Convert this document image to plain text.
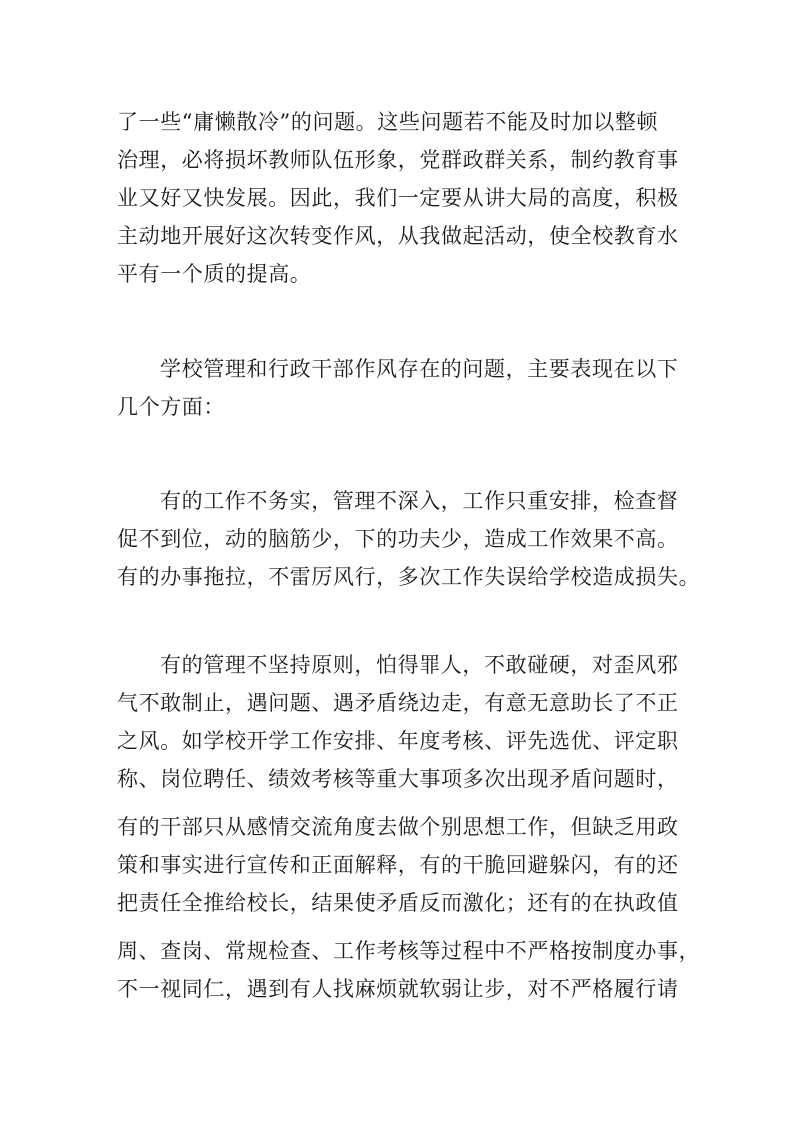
了一些“庸懒散冷”的问题。这些问题若不能及时加以整顿
治理，必将损坏教师队伍形象，党群政群关系，制约教育事
业又好又快发展。因此，我们一定要从讲大局的高度，积极
主动地开展好这次转变作风，从我做起活动，使全校教育水
平有一个质的提高。
学校管理和行政干部作风存在的问题，主要表现在以下
几个方面：
有的工作不务实，管理不深入，工作只重安排，检查督
促不到位，动的脑筋少，下的功夫少，造成工作效果不高。
有的办事拖拉，不雷厉风行，多次工作失误给学校造成损失。
有的管理不坚持原则，怕得罪人，不敢碰硬，对歪风邪
气不敢制止，遇问题、遇矛盾绕边走，有意无意助长了不正
之风。如学校开学工作安排、年度考核、评先选优、评定职
称、岗位聘任、绩效考核等重大事项多次出现矛盾问题时，
有的干部只从感情交流角度去做个别思想工作，但缺乏用政
策和事实进行宣传和正面解释，有的干脆回避躲闪，有的还
把责任全推给校长，结果使矛盾反而激化；还有的在执政值
周、查岗、常规检查、工作考核等过程中不严格按制度办事，
不一视同仁，遇到有人找麻烦就软弱让步，对不严格履行请
